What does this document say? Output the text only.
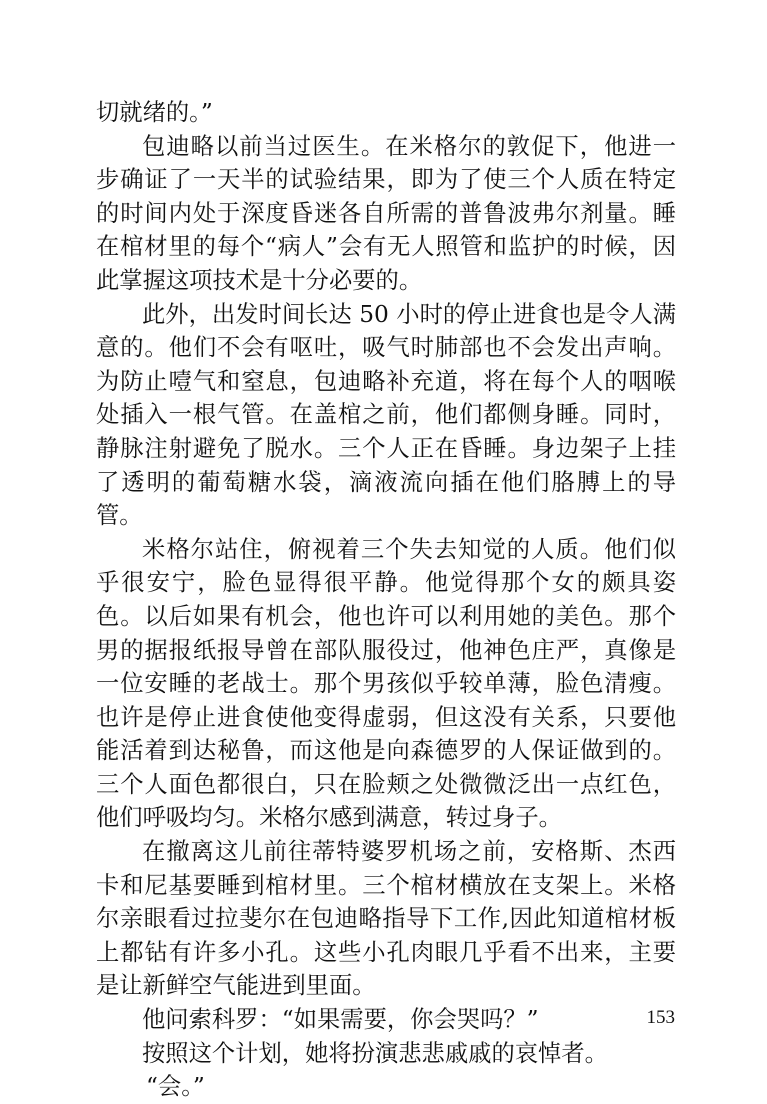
切就绪的。”

包迪略以前当过医生。在米格尔的敦促下，他进一步确证了一天半的试验结果，即为了使三个人质在特定的时间内处于深度昏迷各自所需的普鲁波弗尔剂量。睡在棺材里的每个“病人”会有无人照管和监护的时候，因此掌握这项技术是十分必要的。

此外，出发时间长达 50 小时的停止进食也是令人满意的。他们不会有呕吐，吸气时肺部也不会发出声响。为防止噎气和窒息，包迪略补充道，将在每个人的咽喉处插入一根气管。在盖棺之前，他们都侧身睡。同时，静脉注射避免了脱水。三个人正在昏睡。身边架子上挂了透明的葡萄糖水袋，滴液流向插在他们胳膊上的导管。

米格尔站住，俯视着三个失去知觉的人质。他们似乎很安宁，脸色显得很平静。他觉得那个女的颇具姿色。以后如果有机会，他也许可以利用她的美色。那个男的据报纸报导曾在部队服役过，他神色庄严，真像是一位安睡的老战士。那个男孩似乎较单薄，脸色清瘦。也许是停止进食使他变得虚弱，但这没有关系，只要他能活着到达秘鲁，而这他是向森德罗的人保证做到的。三个人面色都很白，只在脸颊之处微微泛出一点红色，他们呼吸均匀。米格尔感到满意，转过身子。

在撤离这儿前往蒂特婆罗机场之前，安格斯、杰西卡和尼基要睡到棺材里。三个棺材横放在支架上。米格尔亲眼看过拉斐尔在包迪略指导下工作,因此知道棺材板上都钻有许多小孔。这些小孔肉眼几乎看不出来，主要是让新鲜空气能进到里面。

他问索科罗：“如果需要，你会哭吗？”

按照这个计划，她将扮演悲悲戚戚的哀悼者。

“会。”

153
